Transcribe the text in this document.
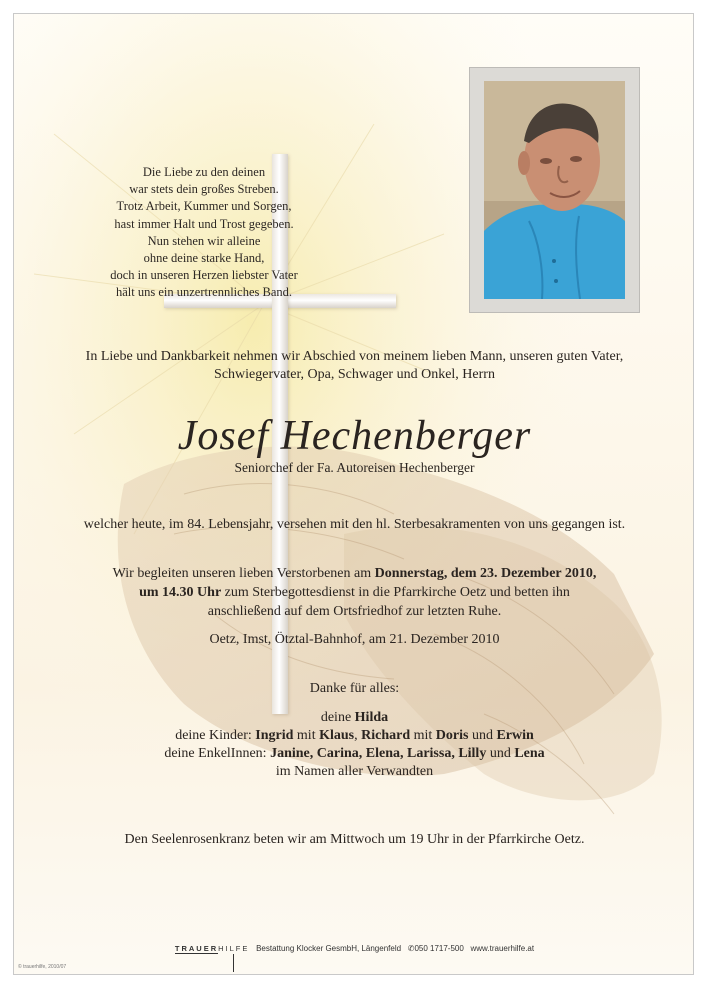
Die Liebe zu den deinen
war stets dein großes Streben.
Trotz Arbeit, Kummer und Sorgen,
hast immer Halt und Trost gegeben.
Nun stehen wir alleine
ohne deine starke Hand,
doch in unseren Herzen liebster Vater
hält uns ein unzertrennliches Band.
In Liebe und Dankbarkeit nehmen wir Abschied von meinem lieben Mann, unseren guten Vater,
Schwiegervater, Opa, Schwager und Onkel, Herrn
Josef Hechenberger
Seniorchef der Fa. Autoreisen Hechenberger
welcher heute, im 84. Lebensjahr, versehen mit den hl. Sterbesakramenten von uns gegangen ist.
Wir begleiten unseren lieben Verstorbenen am Donnerstag, dem 23. Dezember 2010,
um 14.30 Uhr zum Sterbegottesdienst in die Pfarrkirche Oetz und betten ihn
anschließend auf dem Ortsfriedhof zur letzten Ruhe.
Oetz, Imst, Ötztal-Bahnhof, am 21. Dezember 2010
Danke für alles:
deine Hilda
deine Kinder: Ingrid mit Klaus, Richard mit Doris und Erwin
deine EnkelInnen: Janine, Carina, Elena, Larissa, Lilly und Lena
im Namen aller Verwandten
Den Seelenrosenkranz beten wir am Mittwoch um 19 Uhr in der Pfarrkirche Oetz.
TRAUERHILFE Bestattung Klocker GesmbH, Längenfeld ✆050 1717-500 www.trauerhilfe.at
© trauerhilfe, 2010/07
